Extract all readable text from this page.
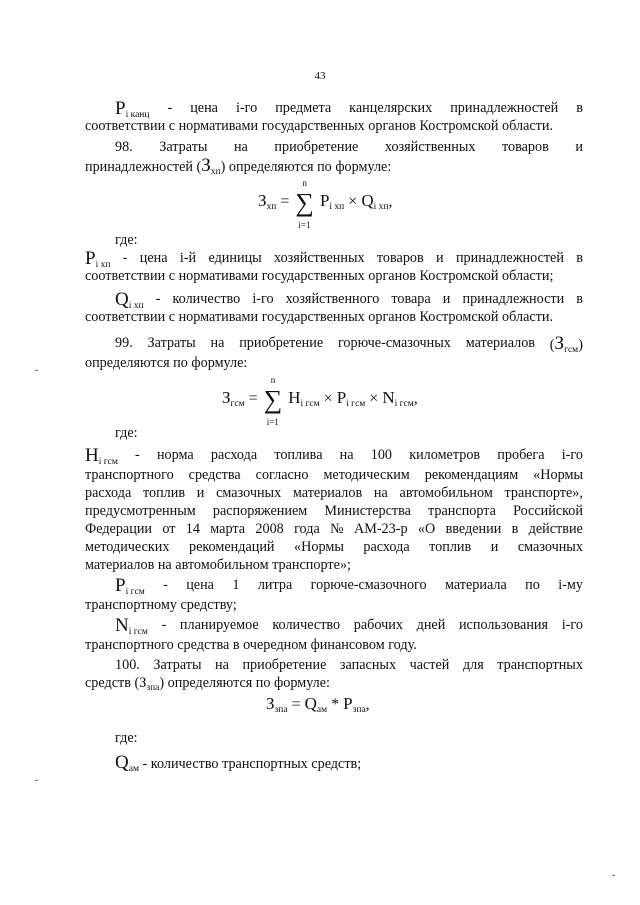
43
$P_{i канц}$ - цена i-го предмета канцелярских принадлежностей в
соответствии с нормативами государственных органов Костромской области.
98. Затраты на приобретение хозяйственных товаров и
принадлежностей $(З_{хп})$ определяются по формуле:
где:
$P_{i хп}$ - цена i-й единицы хозяйственных товаров и принадлежностей в
соответствии с нормативами государственных органов Костромской области;
$Q_{i хп}$ - количество i-го хозяйственного товара и принадлежности в
соответствии с нормативами государственных органов Костромской области.
99. Затраты на приобретение горюче-смазочных материалов $(З_{гсм})$
определяются по формуле:
где:
$H_{i гсм}$ - норма расхода топлива на 100 километров пробега i-го
транспортного средства согласно методическим рекомендациям «Нормы
расхода топлив и смазочных материалов на автомобильном транспорте»,
предусмотренным распоряжением Министерства транспорта Российской
Федерации от 14 марта 2008 года № АМ-23-р «О введении в действие
методических рекомендаций «Нормы расхода топлив и смазочных
материалов на автомобильном транспорте»;
$P_{i гсм}$ - цена 1 литра горюче-смазочного материала по i-му
транспортному средству;
$N_{i гсм}$ - планируемое количество рабочих дней использования i-го
транспортного средства в очередном финансовом году.
100. Затраты на приобретение запасных частей для транспортных
средств $(З_{зпа})$ определяются по формуле:
где:
$Q_{ам}$ - количество транспортных средств;
$З_{хп}$ = ∑
n
i=1
$P_{i хп} \times Q_{i хп}$,
$З_{гсм}$ = ∑
n
i=1
$H_{i гсм} \times P_{i гсм} \times N_{i гсм}$,
$З_{зпа} = Q_{ам} * P_{зпа}$,
